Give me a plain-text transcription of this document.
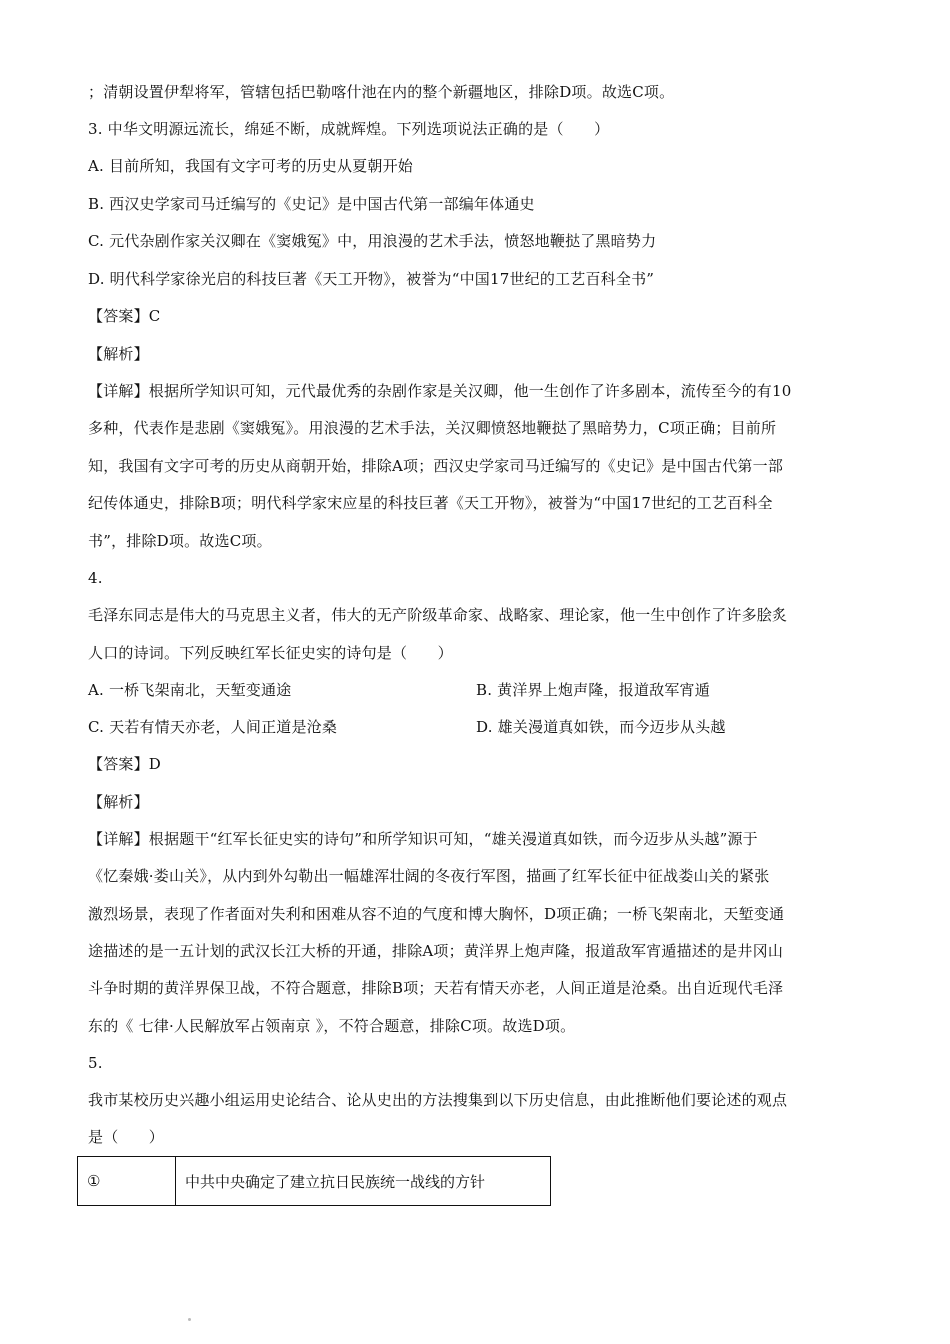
；清朝设置伊犁将军，管辖包括巴勒喀什池在内的整个新疆地区，排除D项。故选C项。
3. 中华文明源远流长，绵延不断，成就辉煌。下列选项说法正确的是（　　）
A. 目前所知，我国有文字可考的历史从夏朝开始
B. 西汉史学家司马迁编写的《史记》是中国古代第一部编年体通史
C. 元代杂剧作家关汉卿在《窦娥冤》中，用浪漫的艺术手法，愤怒地鞭挞了黑暗势力
D. 明代科学家徐光启的科技巨著《天工开物》，被誉为“中国17世纪的工艺百科全书”
【答案】C
【解析】
【详解】根据所学知识可知，元代最优秀的杂剧作家是关汉卿，他一生创作了许多剧本，流传至今的有10
多种，代表作是悲剧《窦娥冤》。用浪漫的艺术手法，关汉卿愤怒地鞭挞了黑暗势力，C项正确；目前所
知，我国有文字可考的历史从商朝开始，排除A项；西汉史学家司马迁编写的《史记》是中国古代第一部
纪传体通史，排除B项；明代科学家宋应星的科技巨著《天工开物》，被誉为“中国17世纪的工艺百科全
书”，排除D项。故选C项。
4.
毛泽东同志是伟大的马克思主义者，伟大的无产阶级革命家、战略家、理论家，他一生中创作了许多脍炙
人口的诗词。下列反映红军长征史实的诗句是（　　）
A. 一桥飞架南北，天堑变通途	B. 黄洋界上炮声隆，报道敌军宵遁
C. 天若有情天亦老，人间正道是沧桑	D. 雄关漫道真如铁，而今迈步从头越
【答案】D
【解析】
【详解】根据题干“红军长征史实的诗句”和所学知识可知，“雄关漫道真如铁，而今迈步从头越”源于
《忆秦娥·娄山关》，从内到外勾勒出一幅雄浑壮阔的冬夜行军图，描画了红军长征中征战娄山关的紧张
激烈场景，表现了作者面对失利和困难从容不迫的气度和博大胸怀，D项正确；一桥飞架南北，天堑变通
途描述的是一五计划的武汉长江大桥的开通，排除A项；黄洋界上炮声隆，报道敌军宵遁描述的是井冈山
斗争时期的黄洋界保卫战，不符合题意，排除B项；天若有情天亦老，人间正道是沧桑。出自近现代毛泽
东的《 七律·人民解放军占领南京 》，不符合题意，排除C项。故选D项。
5.
我市某校历史兴趣小组运用史论结合、论从史出的方法搜集到以下历史信息，由此推断他们要论述的观点
是（　　）
①	中共中央确定了建立抗日民族统一战线的方针
